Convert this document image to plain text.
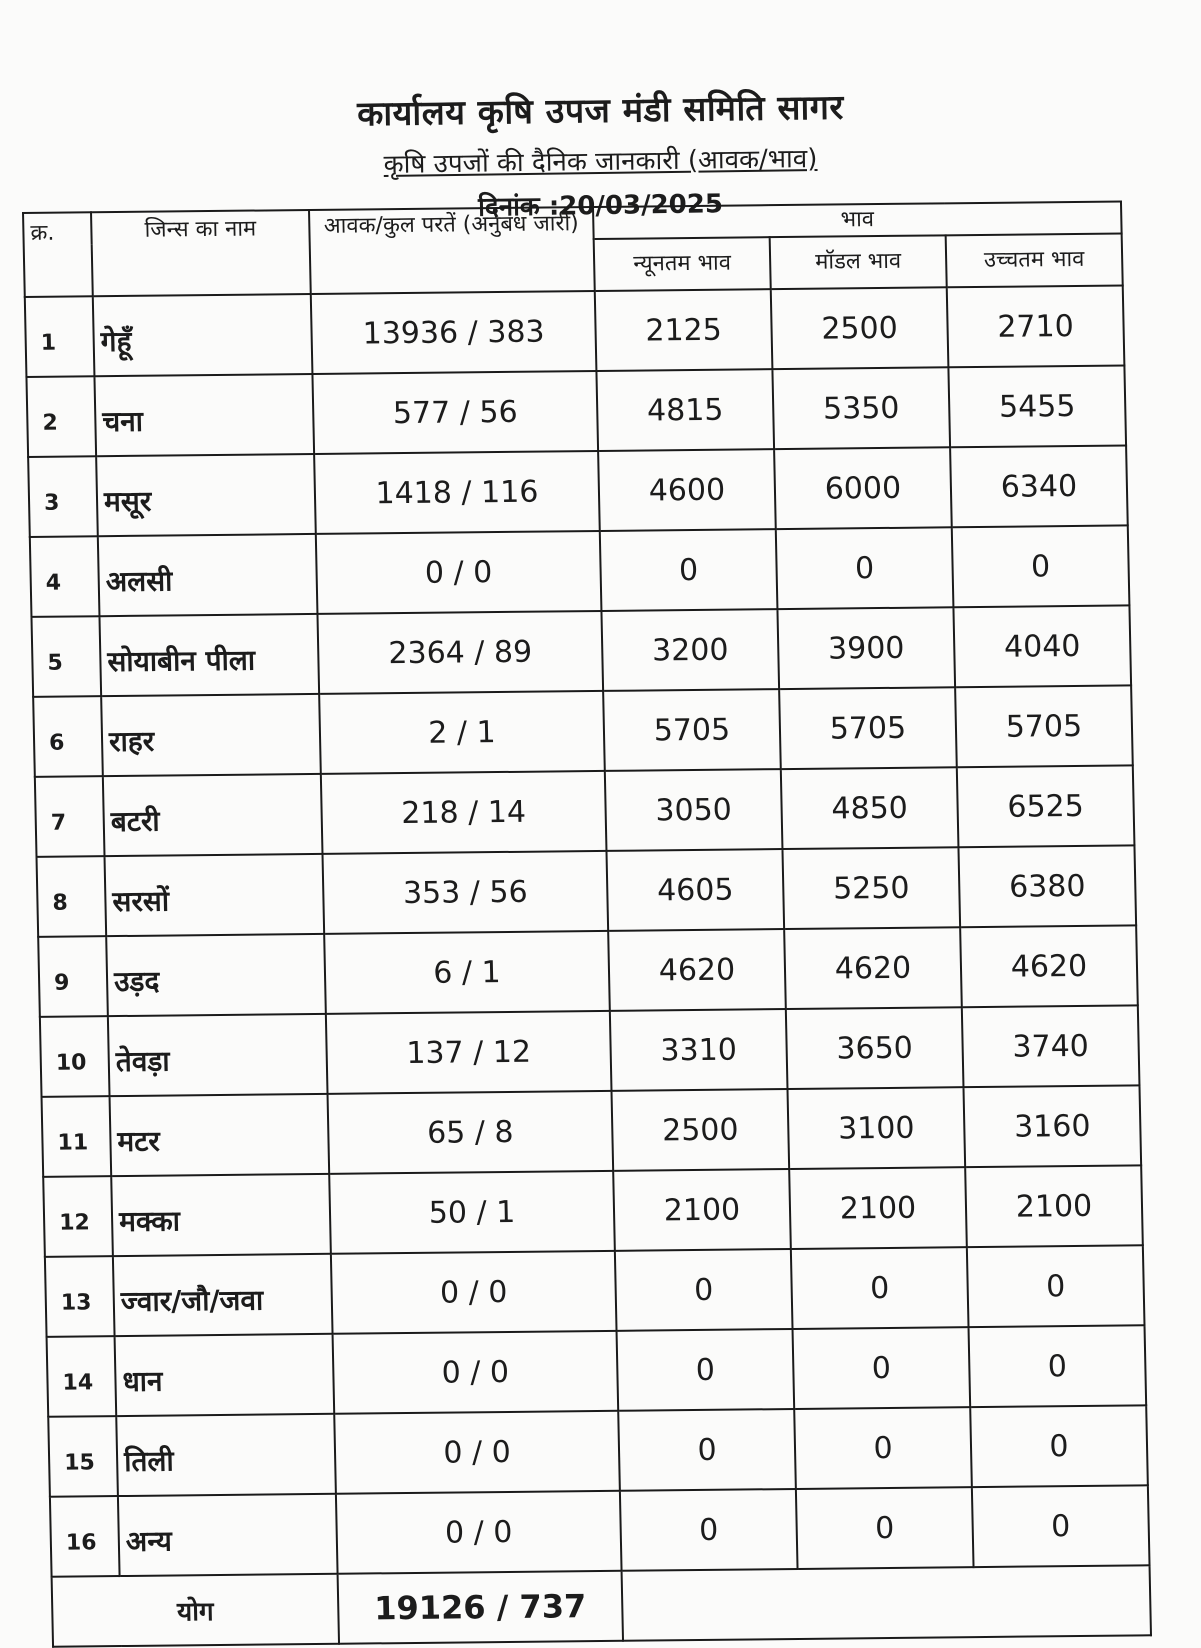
कार्यालय कृषि उपज मंडी समिति सागर
कृषि उपजों की दैनिक जानकारी (आवक/भाव)
दिनांक :20/03/2025
क्र.	जिन्स का नाम	आवक/कुल परतें (अनुबंध जारी)	भाव		
			न्यूनतम भाव	मॉडल भाव	उच्चतम भाव
1	गेहूँ	13936 / 383	2125	2500	2710
2	चना	577 / 56	4815	5350	5455
3	मसूर	1418 / 116	4600	6000	6340
4	अलसी	0 / 0	0	0	0
5	सोयाबीन पीला	2364 / 89	3200	3900	4040
6	राहर	2 / 1	5705	5705	5705
7	बटरी	218 / 14	3050	4850	6525
8	सरसों	353 / 56	4605	5250	6380
9	उड़द	6 / 1	4620	4620	4620
10	तेवड़ा	137 / 12	3310	3650	3740
11	मटर	65 / 8	2500	3100	3160
12	मक्का	50 / 1	2100	2100	2100
13	ज्वार/जौ/जवा	0 / 0	0	0	0
14	धान	0 / 0	0	0	0
15	तिली	0 / 0	0	0	0
16	अन्य	0 / 0	0	0	0
योग		19126 / 737			
